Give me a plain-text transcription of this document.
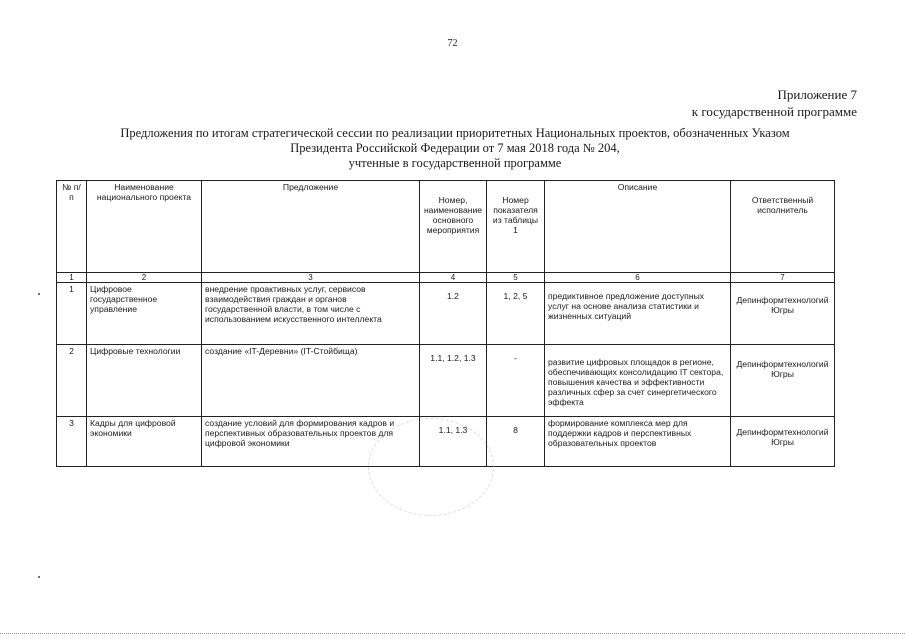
72
Приложение 7
к государственной программе
Предложения по итогам стратегической сессии по реализации приоритетных Национальных проектов, обозначенных Указом
Президента Российской Федерации от 7 мая 2018 года № 204,
учтенные в государственной программе
№ п/п	Наименование национального проекта	Предложение	Номер, наименование основного мероприятия	Номер показателя из таблицы 1	Описание	Ответственный исполнитель
1	2	3	4	5	6	7
1	Цифровое государственное управление	внедрение проактивных услуг, сервисов взаимодействия граждан и органов государственной власти, в том числе с использованием искусственного интеллекта	1.2	1, 2, 5	предиктивное предложение доступных услуг на основе анализа статистики и жизненных ситуаций	Депинформтехнологий Югры
2	Цифровые технологии	создание «IT-Деревни» (IT-Стойбища)	1.1, 1.2, 1.3	-	развитие цифровых площадок в регионе, обеспечивающих консолидацию IT сектора, повышения качества и эффективности различных сфер за счет синергетического эффекта	Депинформтехнологий Югры
3	Кадры для цифровой экономики	создание условий для формирования кадров и перспективных образовательных проектов для цифровой экономики	1.1, 1.3	8	формирование комплекса мер для поддержки кадров и перспективных образовательных проектов	Депинформтехнологий Югры
